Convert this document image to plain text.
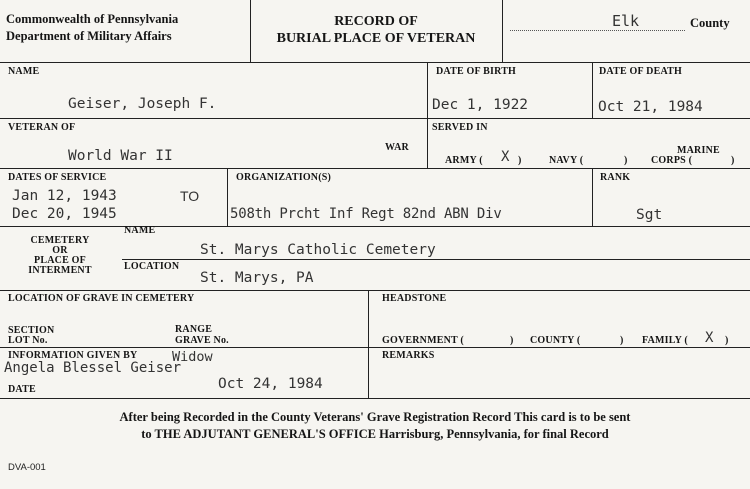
Commonwealth of Pennsylvania
Department of Military Affairs
RECORD OF
BURIAL PLACE OF VETERAN
Elk	County
NAME
Geiser, Joseph F.
DATE OF BIRTH
Dec 1, 1922
DATE OF DEATH
Oct 21, 1984
VETERAN OF
World War II
WAR
SERVED IN
ARMY ( X )	NAVY (	)
MARINE
CORPS (	)
DATES OF SERVICE
Jan 12, 1943	TO
Dec 20, 1945
ORGANIZATION(S)
508th Prcht Inf Regt 82nd ABN Div
RANK
Sgt
CEMETERY
OR
PLACE OF
INTERMENT
NAME
St. Marys Catholic Cemetery
LOCATION
St. Marys, PA
LOCATION OF GRAVE IN CEMETERY
SECTION
LOT No.
RANGE
GRAVE No.
HEADSTONE
GOVERNMENT (	) COUNTY (	) FAMILY ( X )
INFORMATION GIVEN BY	Widow
Angela Blessel Geiser
DATE	Oct 24, 1984
REMARKS
After being Recorded in the County Veterans' Grave Registration Record This card is to be sent
to THE ADJUTANT GENERAL'S OFFICE Harrisburg, Pennsylvania, for final Record
DVA-001
